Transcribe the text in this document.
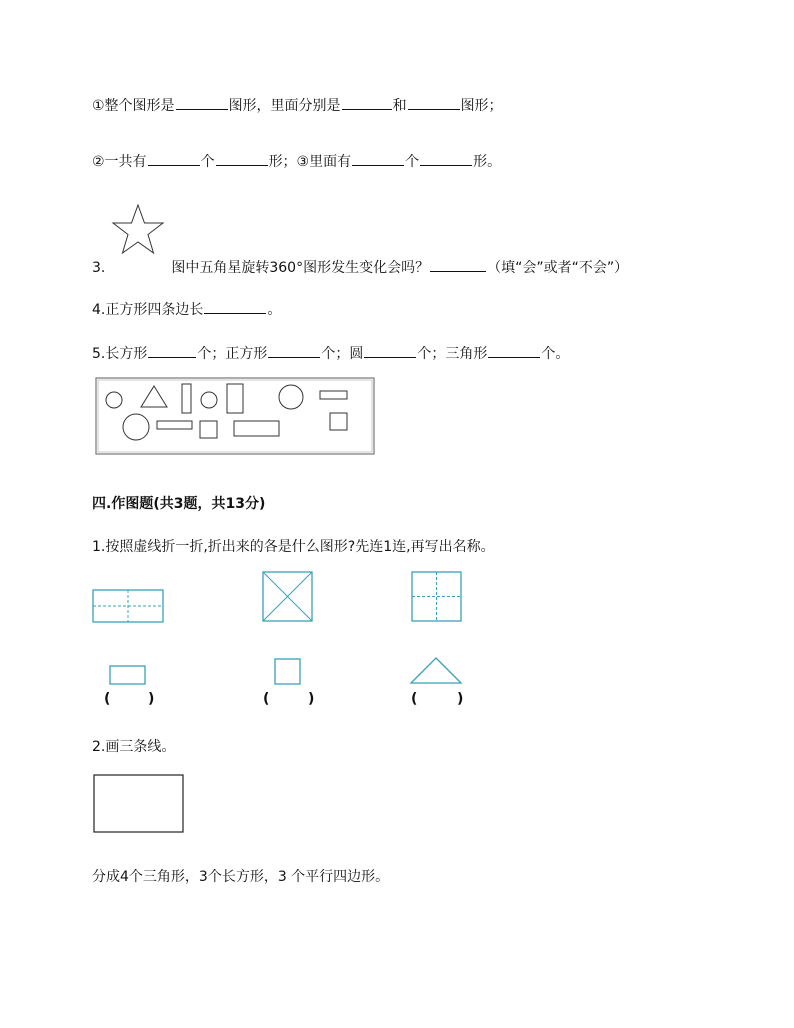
①整个图形是	图形，里面分别是	和	图形；
②一共有	个	形；③里面有	个	形。
3.	图中五角星旋转360°图形发生变化会吗？	（填“会”或者“不会”）
4.正方形四条边长	。
5.长方形	个；正方形	个；圆	个；三角形	个。
四.作图题(共3题，共13分)
1.按照虚线折一折,折出来的各是什么图形?先连1连,再写出名称。
(	)	(	)	(	)
2.画三条线。
分成4个三角形，3个长方形，3 个平行四边形。
